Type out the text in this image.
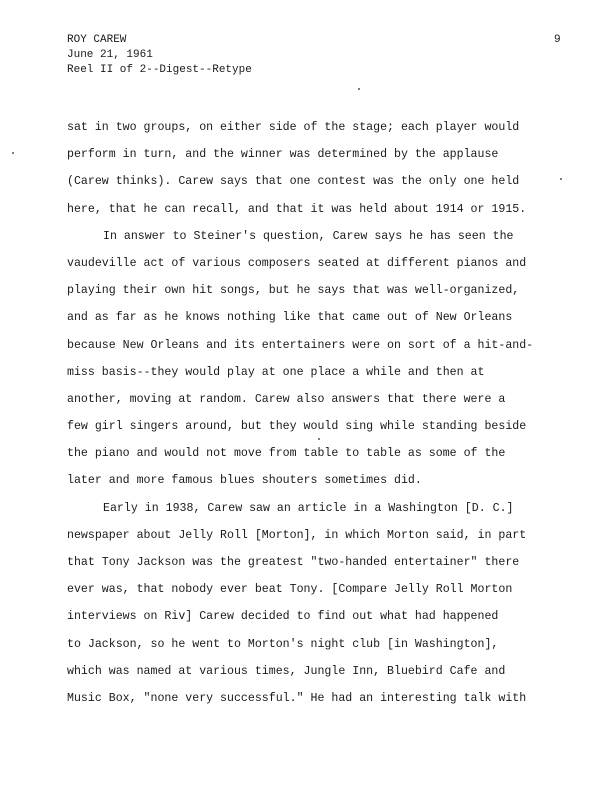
ROY CAREW
June 21, 1961
Reel II of 2--Digest--Retype
9
sat in two groups, on either side of the stage; each player would
perform in turn, and the winner was determined by the applause
(Carew thinks). Carew says that one contest was the only one held
here, that he can recall, and that it was held about 1914 or 1915.
In answer to Steiner's question, Carew says he has seen the
vaudeville act of various composers seated at different pianos and
playing their own hit songs, but he says that was well-organized,
and as far as he knows nothing like that came out of New Orleans
because New Orleans and its entertainers were on sort of a hit-and-
miss basis--they would play at one place a while and then at
another, moving at random. Carew also answers that there were a
few girl singers around, but they would sing while standing beside
the piano and would not move from table to table as some of the
later and more famous blues shouters sometimes did.
Early in 1938, Carew saw an article in a Washington [D. C.]
newspaper about Jelly Roll [Morton], in which Morton said, in part
that Tony Jackson was the greatest "two-handed entertainer" there
ever was, that nobody ever beat Tony. [Compare Jelly Roll Morton
interviews on Riv] Carew decided to find out what had happened
to Jackson, so he went to Morton's night club [in Washington],
which was named at various times, Jungle Inn, Bluebird Cafe and
Music Box, "none very successful." He had an interesting talk with
